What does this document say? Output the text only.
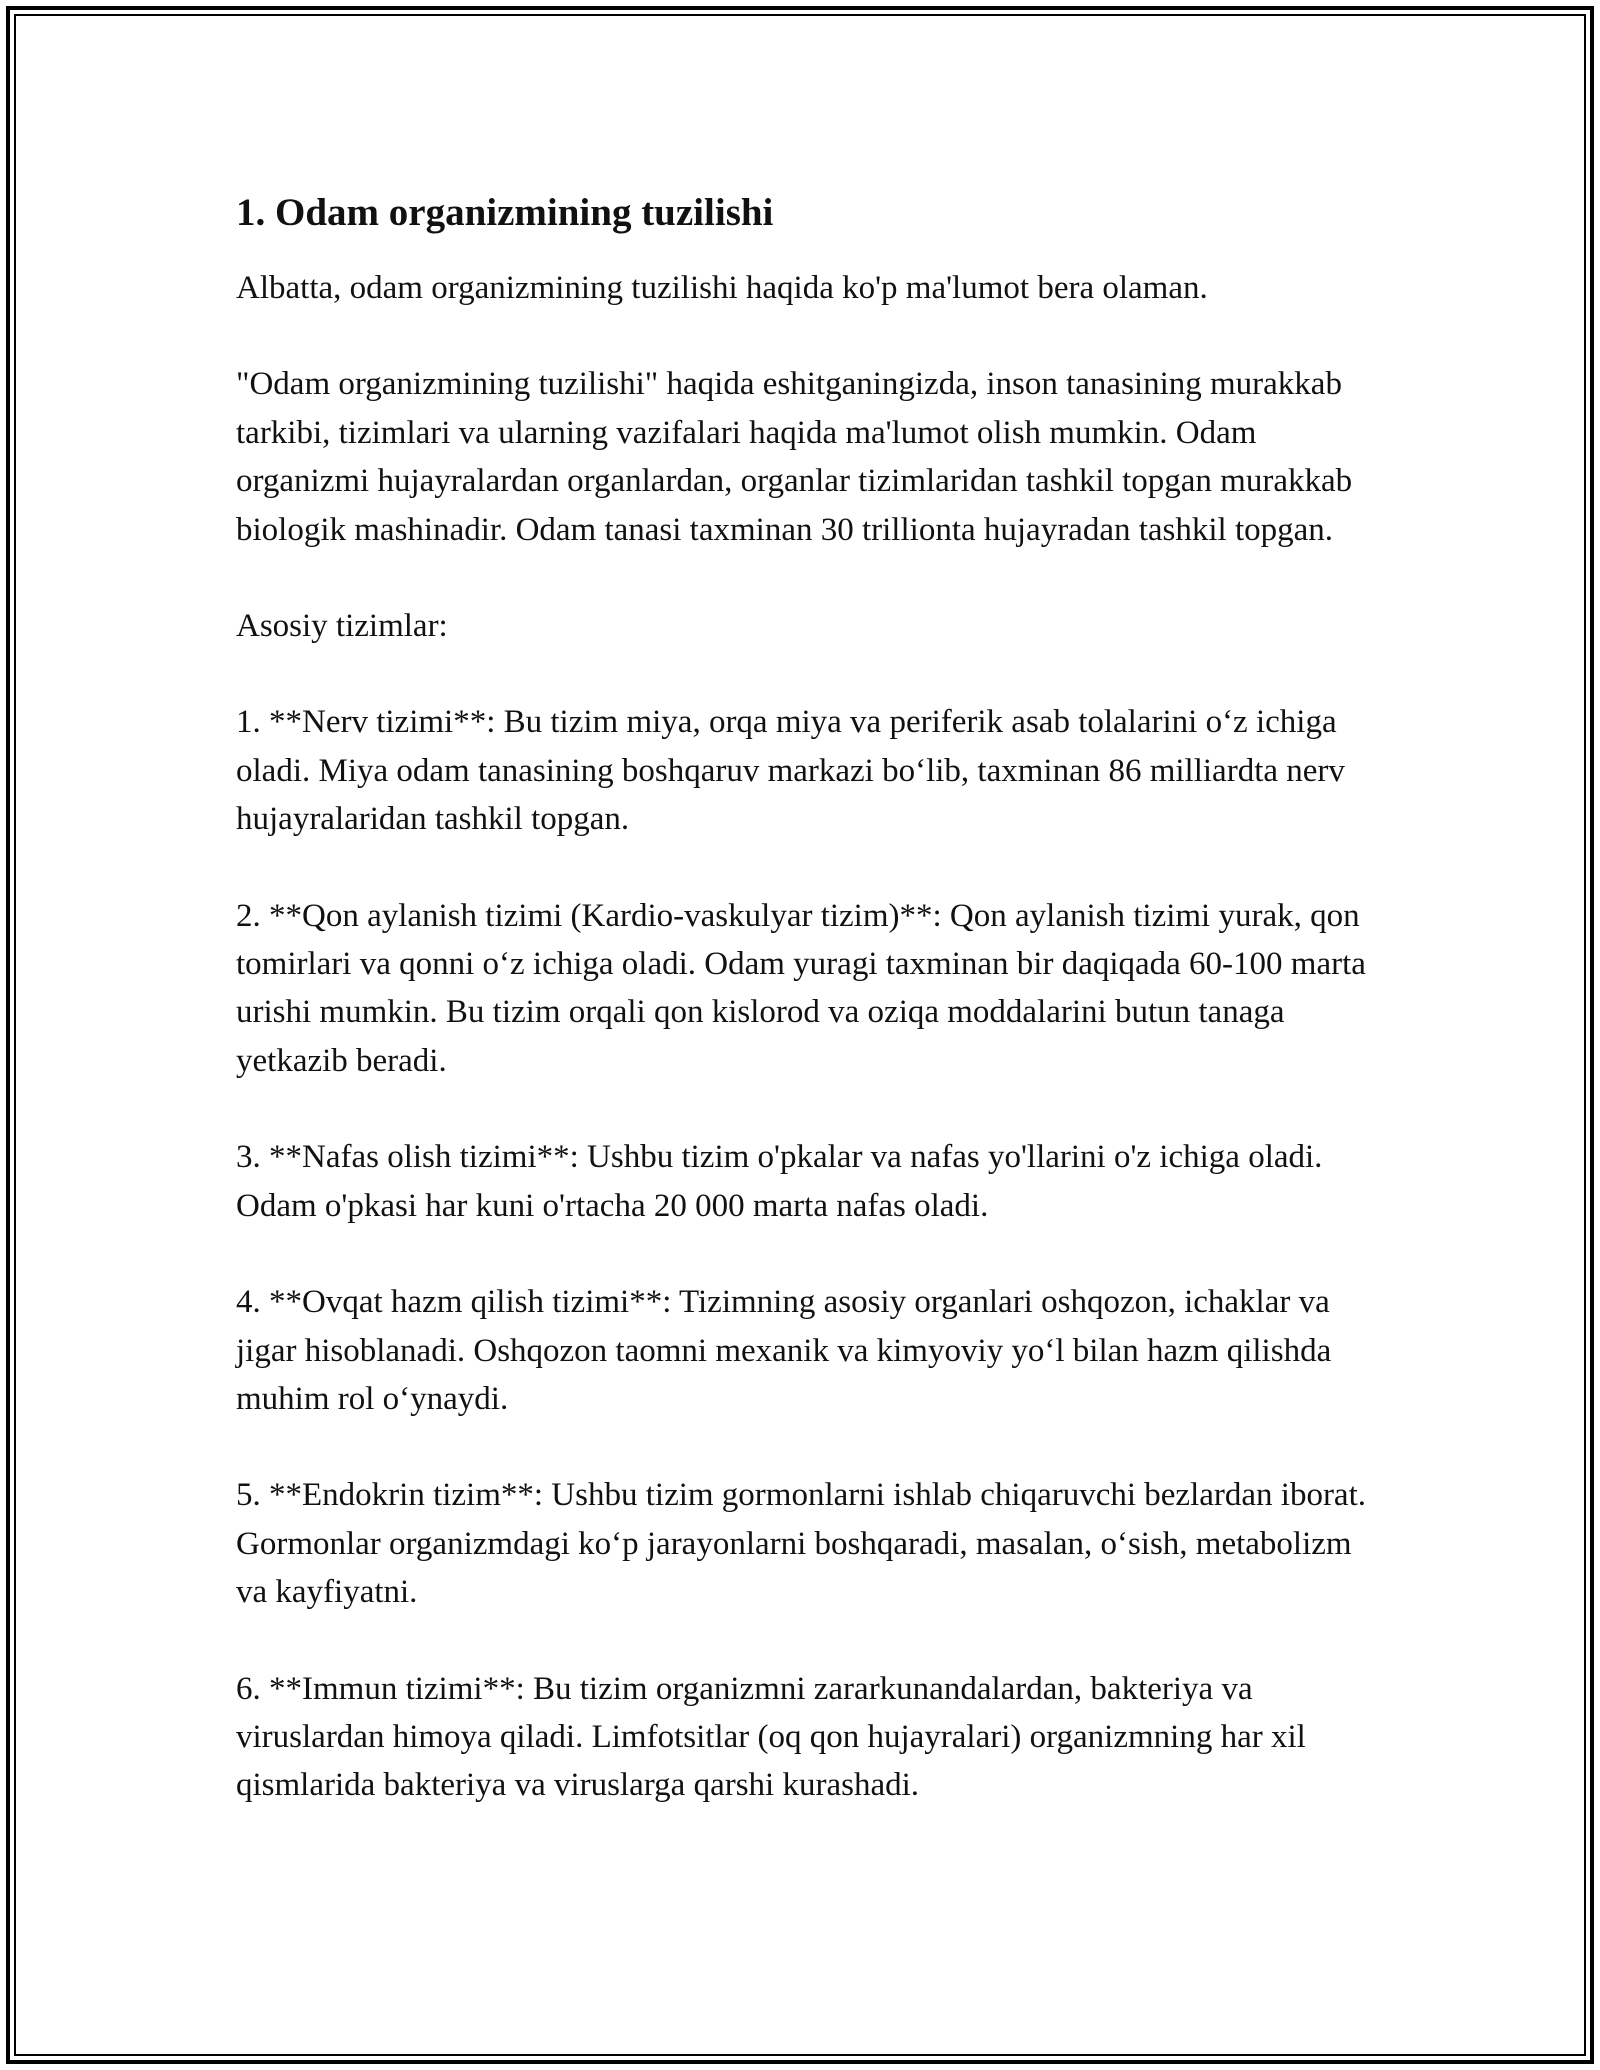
1. Odam organizmining tuzilishi

Albatta, odam organizmining tuzilishi haqida ko'p ma'lumot bera olaman.

"Odam organizmining tuzilishi" haqida eshitganingizda, inson tanasining murakkab tarkibi, tizimlari va ularning vazifalari haqida ma'lumot olish mumkin. Odam organizmi hujayralardan organlardan, organlar tizimlaridan tashkil topgan murakkab biologik mashinadir. Odam tanasi taxminan 30 trillionta hujayradan tashkil topgan.

Asosiy tizimlar:

1. **Nerv tizimi**: Bu tizim miya, orqa miya va periferik asab tolalarini o‘z ichiga oladi. Miya odam tanasining boshqaruv markazi bo‘lib, taxminan 86 milliardta nerv hujayralaridan tashkil topgan.

2. **Qon aylanish tizimi (Kardio-vaskulyar tizim)**: Qon aylanish tizimi yurak, qon tomirlari va qonni o‘z ichiga oladi. Odam yuragi taxminan bir daqiqada 60-100 marta urishi mumkin. Bu tizim orqali qon kislorod va oziqa moddalarini butun tanaga yetkazib beradi.

3. **Nafas olish tizimi**: Ushbu tizim o'pkalar va nafas yo'llarini o'z ichiga oladi. Odam o'pkasi har kuni o'rtacha 20 000 marta nafas oladi.

4. **Ovqat hazm qilish tizimi**: Tizimning asosiy organlari oshqozon, ichaklar va jigar hisoblanadi. Oshqozon taomni mexanik va kimyoviy yo‘l bilan hazm qilishda muhim rol o‘ynaydi.

5. **Endokrin tizim**: Ushbu tizim gormonlarni ishlab chiqaruvchi bezlardan iborat. Gormonlar organizmdagi ko‘p jarayonlarni boshqaradi, masalan, o‘sish, metabolizm va kayfiyatni.

6. **Immun tizimi**: Bu tizim organizmni zararkunandalardan, bakteriya va viruslardan himoya qiladi. Limfotsitlar (oq qon hujayralari) organizmning har xil qismlarida bakteriya va viruslarga qarshi kurashadi.
